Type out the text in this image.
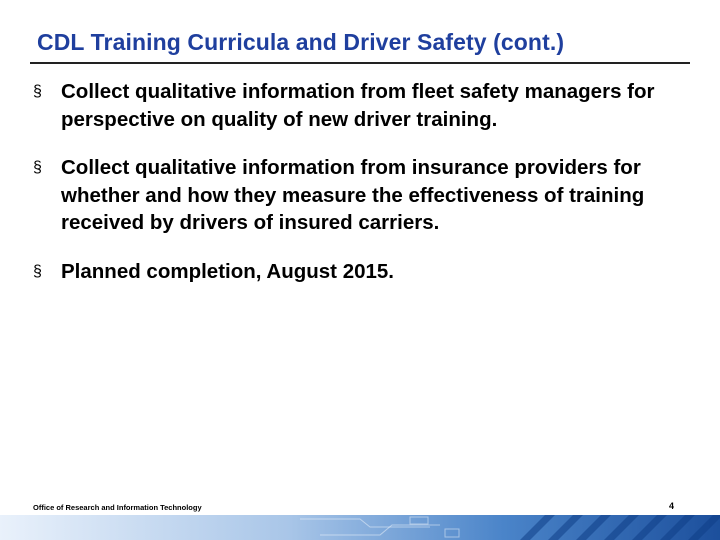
CDL Training Curricula and Driver Safety (cont.)
§ Collect qualitative information from fleet safety managers for perspective on quality of new driver training.
§ Collect qualitative information from insurance providers for whether and how they measure the effectiveness of training received by drivers of insured carriers.
§ Planned completion, August 2015.
Office of Research and Information Technology	4
